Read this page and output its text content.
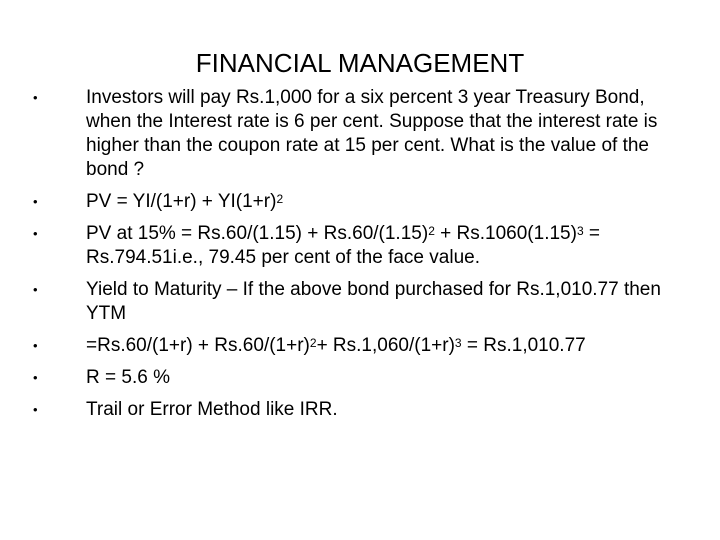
FINANCIAL MANAGEMENT
•	Investors will pay Rs.1,000 for a six percent 3 year Treasury Bond, when the Interest rate is 6 per cent. Suppose that the interest rate is higher than the coupon rate at 15 per cent. What is the value of the bond ?
•	PV = $YI/(1+r) + YI(1+r)^2$
•	PV at $15\% = Rs.60/(1.15) + Rs.60/(1.15)^2 + Rs.1060(1.15)^3 = Rs.794.51i.e$., 79.45 per cent of the face value.
•	Yield to Maturity – If the above bond purchased for Rs.1,010.77 then YTM
•	$=Rs.60/(1+r) + Rs.60/(1+r)^2+ Rs.1,060/(1+r)^3 = Rs.1,010.77$
•	R = 5.6 %
•	Trail or Error Method like IRR.
